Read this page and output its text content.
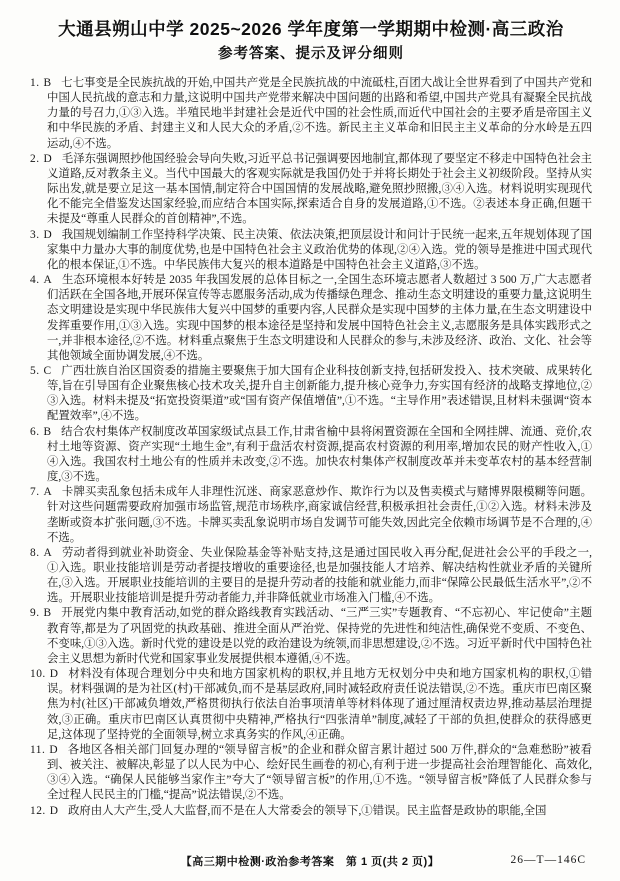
大通县朔山中学 2025~2026 学年度第一学期期中检测·高三政治
参考答案、提示及评分细则

1. B 七七事变是全民族抗战的开始,中国共产党是全民族抗战的中流砥柱,百团大战让全世界看到了中国共产党和中国人民抗战的意志和力量,这说明中国共产党带来解决中国问题的出路和希望,中国共产党具有凝聚全民抗战力量的号召力,①③入选。半殖民地半封建社会是近代中国的社会性质,而近代中国社会的主要矛盾是帝国主义和中华民族的矛盾、封建主义和人民大众的矛盾,②不选。新民主主义革命和旧民主主义革命的分水岭是五四运动,④不选。

2. D 毛泽东强调照抄他国经验会导向失败,习近平总书记强调要因地制宜,都体现了要坚定不移走中国特色社会主义道路,反对教条主义。当代中国最大的客观实际就是我国仍处于并将长期处于社会主义初级阶段。坚持从实际出发,就是要立足这一基本国情,制定符合中国国情的发展战略,避免照抄照搬,③④入选。材料说明实现现代化不能完全借鉴发达国家经验,而应结合本国实际,探索适合自身的发展道路,①不选。②表述本身正确,但题干未提及“尊重人民群众的首创精神”,不选。

3. D 我国规划编制工作坚持科学决策、民主决策、依法决策,把顶层设计和问计于民统一起来,五年规划体现了国家集中力量办大事的制度优势,也是中国特色社会主义政治优势的体现,②④入选。党的领导是推进中国式现代化的根本保证,①不选。中华民族伟大复兴的根本道路是中国特色社会主义道路,③不选。

4. A 生态环境根本好转是 2035 年我国发展的总体目标之一,全国生态环境志愿者人数超过 3 500 万,广大志愿者们活跃在全国各地,开展环保宣传等志愿服务活动,成为传播绿色理念、推动生态文明建设的重要力量,这说明生态文明建设是实现中华民族伟大复兴中国梦的重要内容,人民群众是实现中国梦的主体力量,在生态文明建设中发挥重要作用,①③入选。实现中国梦的根本途径是坚持和发展中国特色社会主义,志愿服务是具体实践形式之一,并非根本途径,②不选。材料重点聚焦于生态文明建设和人民群众的参与,未涉及经济、政治、文化、社会等其他领域全面协调发展,④不选。

5. C 广西壮族自治区国资委的措施主要聚焦于加大国有企业科技创新支持,包括研发投入、技术突破、成果转化等,旨在引导国有企业聚焦核心技术攻关,提升自主创新能力,提升核心竞争力,夯实国有经济的战略支撑地位,②③入选。材料未提及“拓宽投资渠道”或“国有资产保值增值”,①不选。“主导作用”表述错误,且材料未强调“资本配置效率”,④不选。

6. B 结合农村集体产权制度改革国家级试点县工作,甘肃省榆中县将闲置资源在全国和全网挂牌、流通、竞价,农村土地等资源、资产实现“土地生金”,有利于盘活农村资源,提高农村资源的利用率,增加农民的财产性收入,①④入选。我国农村土地公有的性质并未改变,②不选。加快农村集体产权制度改革并未变革农村的基本经营制度,③不选。

7. A 卡牌买卖乱象包括未成年人非理性沉迷、商家恶意炒作、欺诈行为以及售卖模式与赌博界限模糊等问题。针对这些问题需要政府加强市场监管,规范市场秩序,商家诚信经营,积极承担社会责任,①②入选。材料未涉及垄断或资本扩张问题,③不选。卡牌买卖乱象说明市场自发调节可能失效,因此完全依赖市场调节是不合理的,④不选。

8. A 劳动者得到就业补助资金、失业保险基金等补贴支持,这是通过国民收入再分配,促进社会公平的手段之一,①入选。职业技能培训是劳动者提技增收的重要途径,也是加强技能人才培养、解决结构性就业矛盾的关键所在,③入选。开展职业技能培训的主要目的是提升劳动者的技能和就业能力,而非“保障公民最低生活水平”,②不选。开展职业技能培训是提升劳动者能力,并非降低就业市场准入门槛,④不选。

9. B 开展党内集中教育活动,如党的群众路线教育实践活动、“三严三实”专题教育、“不忘初心、牢记使命”主题教育等,都是为了巩固党的执政基础、推进全面从严治党、保持党的先进性和纯洁性,确保党不变质、不变色、不变味,①③入选。新时代党的建设是以党的政治建设为统领,而非思想建设,②不选。习近平新时代中国特色社会主义思想为新时代党和国家事业发展提供根本遵循,④不选。

10. D 材料没有体现合理划分中央和地方国家机构的职权,并且地方无权划分中央和地方国家机构的职权,①错误。材料强调的是为社区(村)干部减负,而不是基层政府,同时减轻政府责任说法错误,②不选。重庆市巴南区聚焦为村(社区)干部减负增效,严格贯彻执行依法自治事项清单等材料体现了通过厘清权责边界,推动基层治理提效,③正确。重庆市巴南区认真贯彻中央精神,严格执行“四张清单”制度,减轻了干部的负担,使群众的获得感更足,这体现了坚持党的全面领导,树立求真务实的作风,④正确。

11. D 各地区各相关部门回复办理的“领导留言板”的企业和群众留言累计超过 500 万件,群众的“急难愁盼”被看到、被关注、被解决,彰显了以人民为中心、绘好民生画卷的初心,有利于进一步提高社会治理智能化、高效化,③④入选。“确保人民能够当家作主”夸大了“领导留言板”的作用,①不选。“领导留言板”降低了人民群众参与全过程人民民主的门槛,“提高”说法错误,②不选。

12. D 政府由人大产生,受人大监督,而不是在人大常委会的领导下,①错误。民主监督是政协的职能,全国

【高三期中检测·政治参考答案　第 1 页(共 2 页)】	26—T—146C
